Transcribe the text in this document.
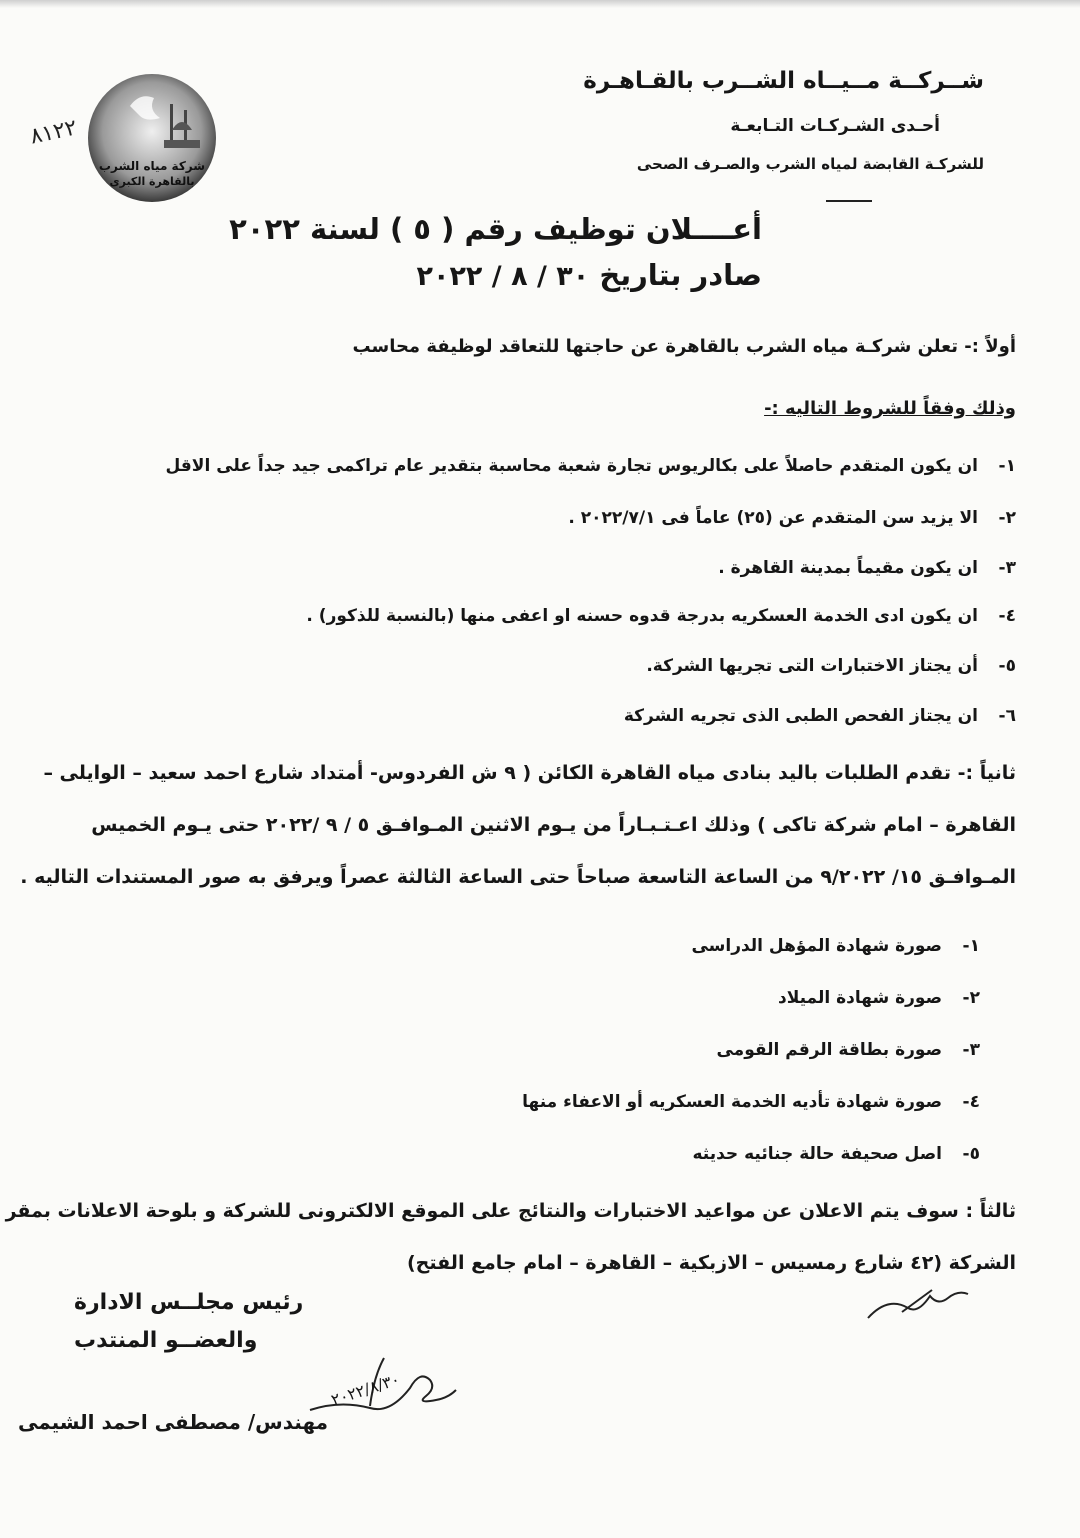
شــركــة مــيــاه الشــرب بالقـاهـرة
أحـدى الشـركـات التـابعـة
للشركـة القابضة لمياه الشرب والصـرف الصحى
شركة مياه الشرب
بالقاهرة الكبرى
٨١٢٢
أعــــلان توظيف رقم ( ٥ ) لسنة ٢٠٢٢
صادر بتاريخ ٣٠ / ٨ / ٢٠٢٢
أولاً :- تعلن شركـة مياه الشرب بالقاهرة عن حاجتها للتعاقد لوظيفة محاسب
وذلك وفقاً للشروط التاليه :-
١-ان يكون المتقدم حاصلاً على بكالريوس تجارة شعبة محاسبة بتقدير عام تراكمى جيد جداً على الاقل
٢-الا يزيد سن المتقدم عن (٢٥) عاماً فى ٢٠٢٢/٧/١ .
٣-ان يكون مقيماً بمدينة القاهرة .
٤-ان يكون ادى الخدمة العسكريه بدرجة قدوه حسنه او اعفى منها (بالنسبة للذكور) .
٥-أن يجتاز الاختبارات التى تجريها الشركة.
٦-ان يجتاز الفحص الطبى الذى تجريه الشركة
ثانياً :- تقدم الطلبات باليد بنادى مياه القاهرة الكائن ( ٩ ش الفردوس- أمتداد شارع احمد سعيد – الوايلى –
القاهرة – امام شركة تاكى ) وذلك اعـتـبـاراً من يـوم الاثنين المـوافـق ٥ / ٩ /٢٠٢٢ حتى يـوم الخميس
المـوافـق ١٥/ ٩/٢٠٢٢ من الساعة التاسعة صباحاً حتى الساعة الثالثة عصراً ويرفق به صور المستندات التاليه .
١-صورة شهادة المؤهل الدراسى
٢-صورة شهادة الميلاد
٣-صورة بطاقة الرقم القومى
٤-صورة شهادة تأديه الخدمة العسكريه أو الاعفاء منها
٥-اصل صحيفة حالة جنائيه حديثه
ثالثاً : سوف يتم الاعلان عن مواعيد الاختبارات والنتائج على الموقع الالكترونى للشركة و بلوحة الاعلانات بمقر
الشركة (٤٢ شارع رمسيس – الازبكية – القاهرة – امام جامع الفتح)
رئيس مجلــس الادارة
والعضــو المنتدب
٢٠٢٢/٨/٣٠
مهندس/ مصطفى احمد الشيمى
